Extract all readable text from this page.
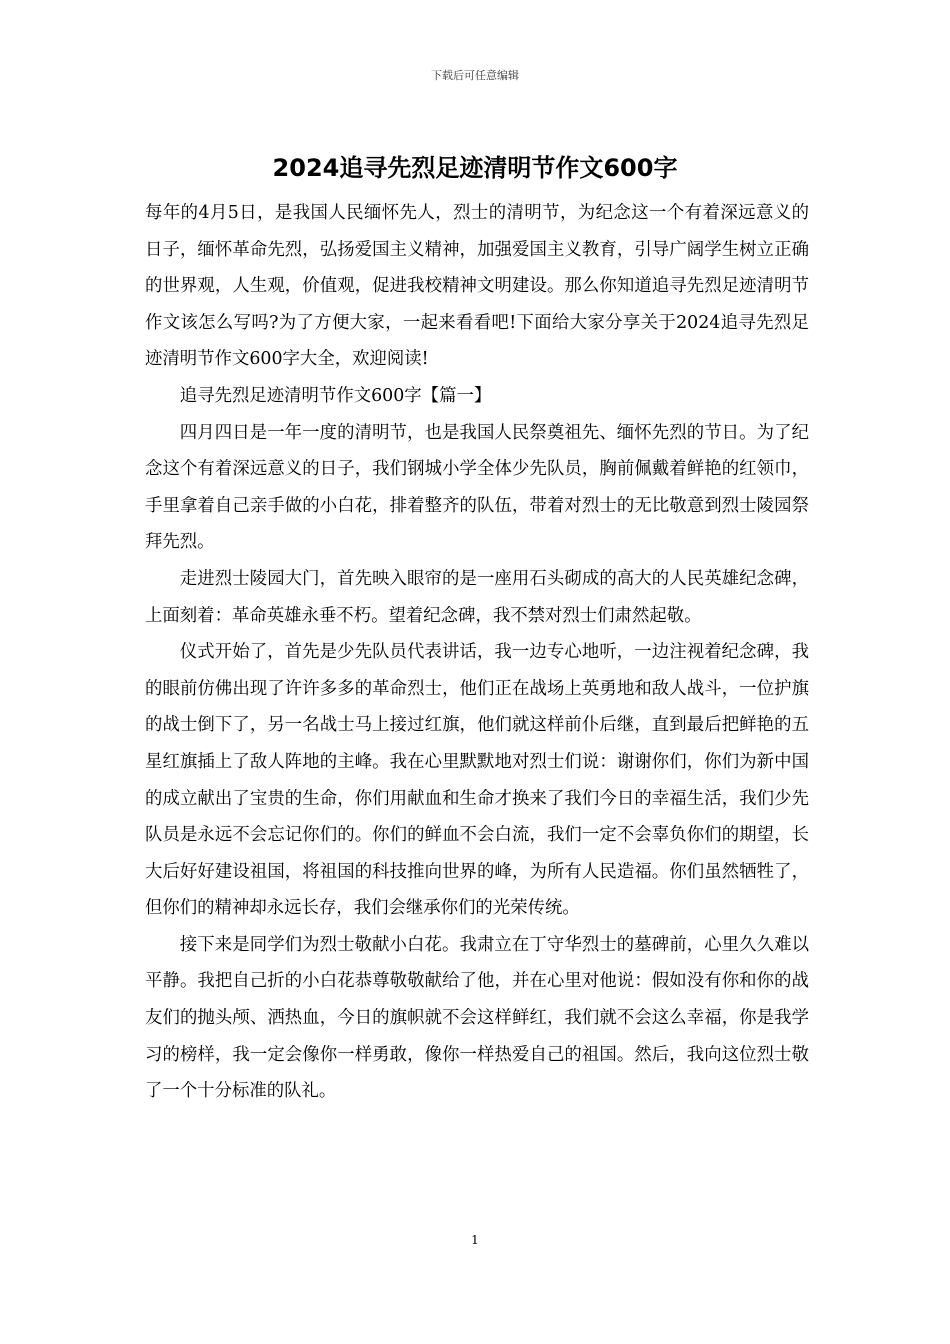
下载后可任意编辑
2024追寻先烈足迹清明节作文600字

每年的4月5日，是我国人民缅怀先人，烈士的清明节，为纪念这一个有着深远意义的日子，缅怀革命先烈，弘扬爱国主义精神，加强爱国主义教育，引导广阔学生树立正确的世界观，人生观，价值观，促进我校精神文明建设。那么你知道追寻先烈足迹清明节作文该怎么写吗?为了方便大家，一起来看看吧!下面给大家分享关于2024追寻先烈足迹清明节作文600字大全，欢迎阅读!

追寻先烈足迹清明节作文600字【篇一】

四月四日是一年一度的清明节，也是我国人民祭奠祖先、缅怀先烈的节日。为了纪念这个有着深远意义的日子，我们钢城小学全体少先队员，胸前佩戴着鲜艳的红领巾，手里拿着自己亲手做的小白花，排着整齐的队伍，带着对烈士的无比敬意到烈士陵园祭拜先烈。

走进烈士陵园大门，首先映入眼帘的是一座用石头砌成的高大的人民英雄纪念碑，上面刻着：革命英雄永垂不朽。望着纪念碑，我不禁对烈士们肃然起敬。

仪式开始了，首先是少先队员代表讲话，我一边专心地听，一边注视着纪念碑，我的眼前仿佛出现了许许多多的革命烈士，他们正在战场上英勇地和敌人战斗，一位护旗的战士倒下了，另一名战士马上接过红旗，他们就这样前仆后继，直到最后把鲜艳的五星红旗插上了敌人阵地的主峰。我在心里默默地对烈士们说：谢谢你们，你们为新中国的成立献出了宝贵的生命，你们用献血和生命才换来了我们今日的幸福生活，我们少先队员是永远不会忘记你们的。你们的鲜血不会白流，我们一定不会辜负你们的期望，长大后好好建设祖国，将祖国的科技推向世界的峰，为所有人民造福。你们虽然牺牲了，但你们的精神却永远长存，我们会继承你们的光荣传统。

接下来是同学们为烈士敬献小白花。我肃立在丁守华烈士的墓碑前，心里久久难以平静。我把自己折的小白花恭尊敬敬献给了他，并在心里对他说：假如没有你和你的战友们的抛头颅、洒热血，今日的旗帜就不会这样鲜红，我们就不会这么幸福，你是我学习的榜样，我一定会像你一样勇敢，像你一样热爱自己的祖国。然后，我向这位烈士敬了一个十分标准的队礼。

1
